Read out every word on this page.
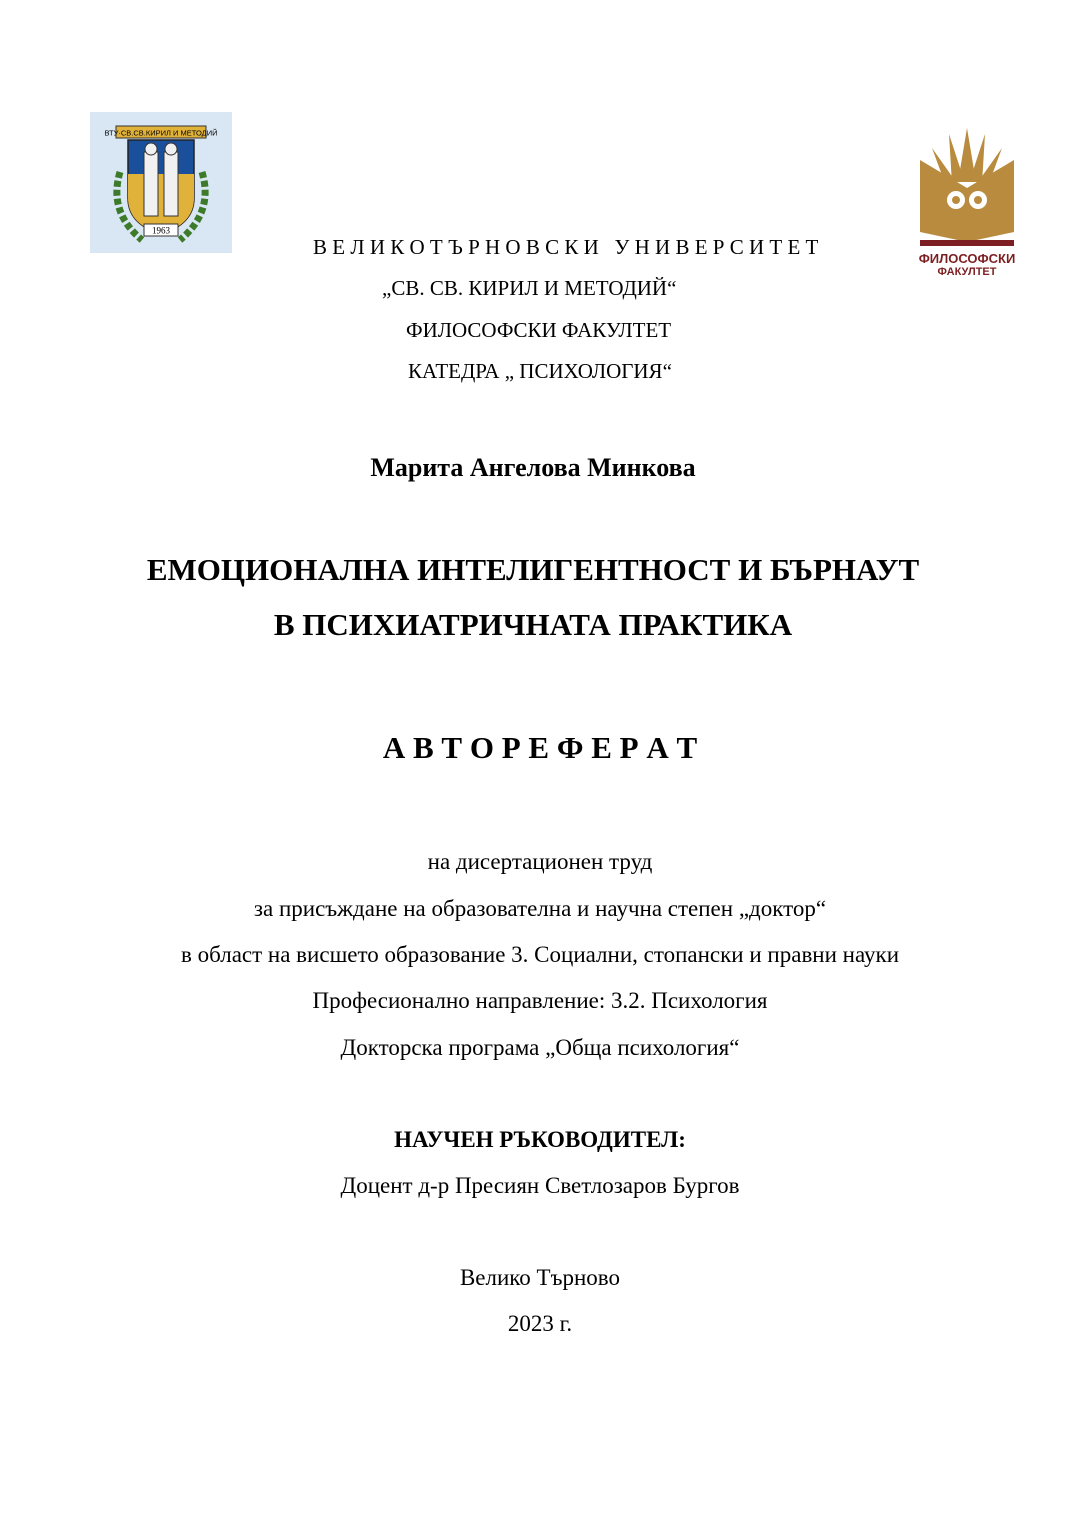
ВТУ·СВ.СВ.КИРИЛ И МЕТОДИЙ
1963
ФИЛОСОФСКИ
ФАКУЛТЕТ
В Е Л И К О Т Ъ Р Н О В С К И   У Н И В Е Р С И Т Е Т
„СВ. СВ. КИРИЛ И МЕТОДИЙ“
ФИЛОСОФСКИ ФАКУЛТЕТ
КАТЕДРА „ ПСИХОЛОГИЯ“
Марита Ангелова Минкова
ЕМОЦИОНАЛНА ИНТЕЛИГЕНТНОСТ И БЪРНАУТ
В ПСИХИАТРИЧНАТА ПРАКТИКА
А В Т О Р Е Ф Е Р А Т
на дисертационен труд
за присъждане на образователна и научна степен „доктор“
в област на висшето образование 3. Социални, стопански и правни науки
Професионално направление: 3.2. Психология
Докторска програма „Обща психология“
НАУЧЕН РЪКОВОДИТЕЛ:
Доцент д-р Пресиян Светлозаров Бургов
Велико Търново
2023 г.
